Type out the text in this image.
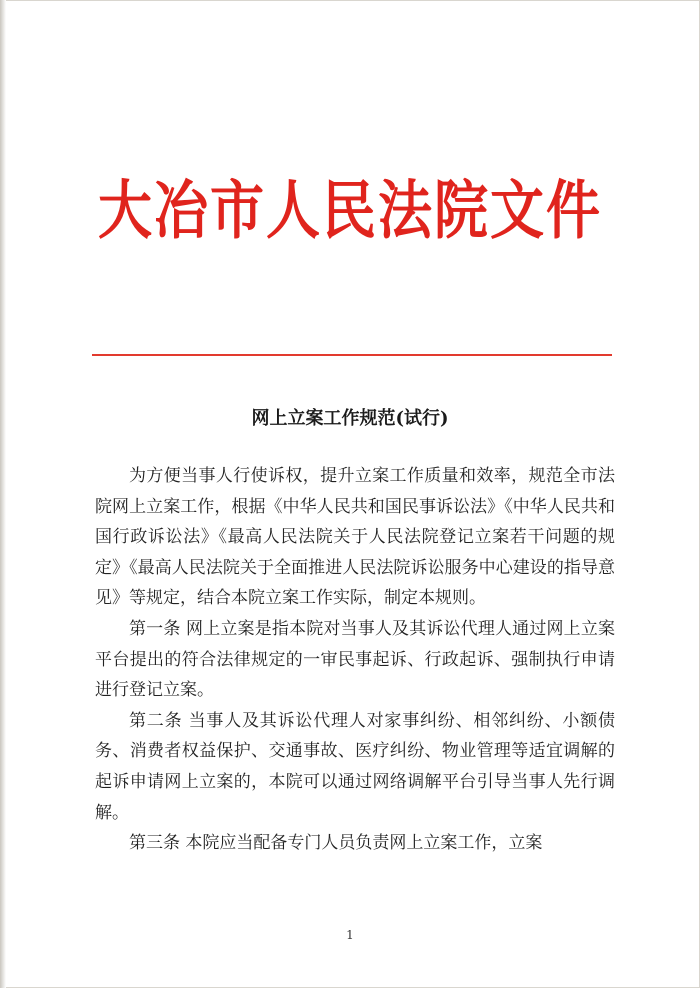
大冶市人民法院文件
网上立案工作规范(试行)

为方便当事人行使诉权，提升立案工作质量和效率，规范全市法院网上立案工作，根据《中华人民共和国民事诉讼法》《中华人民共和国行政诉讼法》《最高人民法院关于人民法院登记立案若干问题的规定》《最高人民法院关于全面推进人民法院诉讼服务中心建设的指导意见》等规定，结合本院立案工作实际，制定本规则。

第一条 网上立案是指本院对当事人及其诉讼代理人通过网上立案平台提出的符合法律规定的一审民事起诉、行政起诉、强制执行申请进行登记立案。

第二条 当事人及其诉讼代理人对家事纠纷、相邻纠纷、小额债务、消费者权益保护、交通事故、医疗纠纷、物业管理等适宜调解的起诉申请网上立案的，本院可以通过网络调解平台引导当事人先行调解。

第三条 本院应当配备专门人员负责网上立案工作，立案

1
